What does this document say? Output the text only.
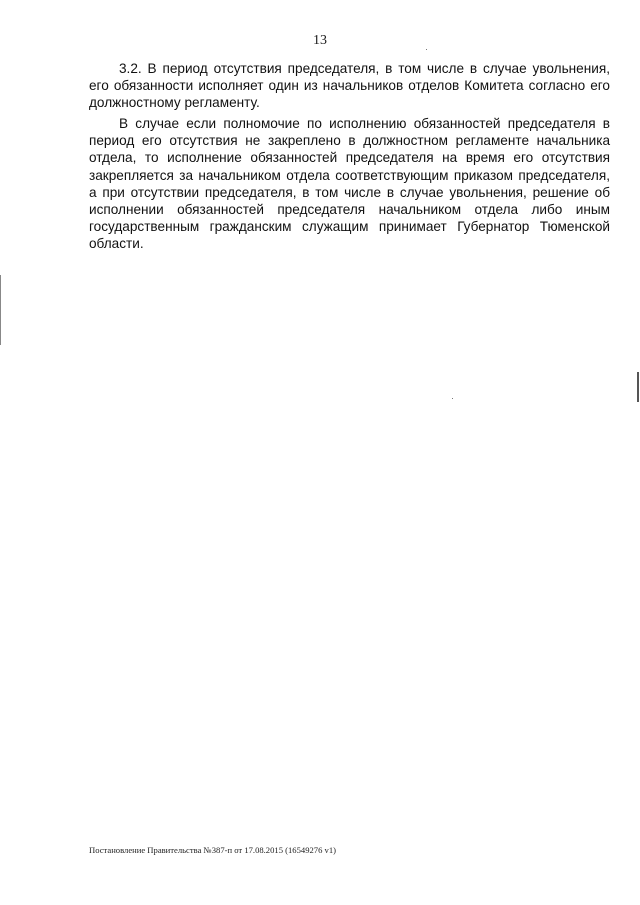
13

3.2. В период отсутствия председателя, в том числе в случае увольнения, его обязанности исполняет один из начальников отделов Комитета согласно его должностному регламенту.

В случае если полномочие по исполнению обязанностей председателя в период его отсутствия не закреплено в должностном регламенте начальника отдела, то исполнение обязанностей председателя на время его отсутствия закрепляется за начальником отдела соответствующим приказом председателя, а при отсутствии председателя, в том числе в случае увольнения, решение об исполнении обязанностей председателя начальником отдела либо иным государственным гражданским служащим принимает Губернатор Тюменской области.

Постановление Правительства №387-п от 17.08.2015 (16549276 v1)
